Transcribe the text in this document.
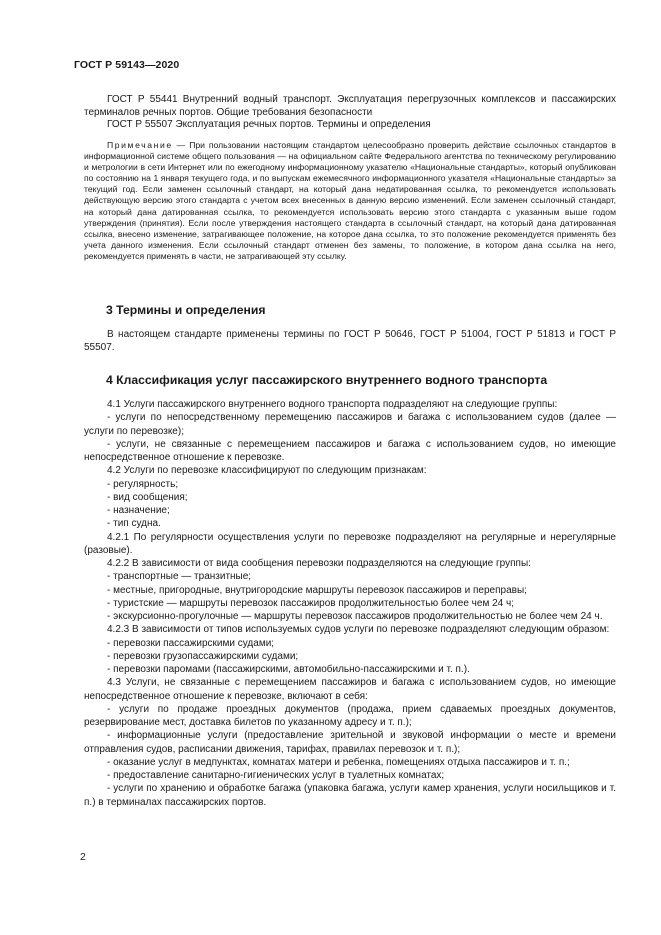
ГОСТ Р 59143—2020

ГОСТ Р 55441 Внутренний водный транспорт. Эксплуатация перегрузочных комплексов и пассажирских терминалов речных портов. Общие требования безопасности

ГОСТ Р 55507 Эксплуатация речных портов. Термины и определения

Примечание — При пользовании настоящим стандартом целесообразно проверить действие ссылочных стандартов в информационной системе общего пользования — на официальном сайте Федерального агентства по техническому регулированию и метрологии в сети Интернет или по ежегодному информационному указателю «Национальные стандарты», который опубликован по состоянию на 1 января текущего года, и по выпускам ежемесячного информационного указателя «Национальные стандарты» за текущий год. Если заменен ссылочный стандарт, на который дана недатированная ссылка, то рекомендуется использовать действующую версию этого стандарта с учетом всех внесенных в данную версию изменений. Если заменен ссылочный стандарт, на который дана датированная ссылка, то рекомендуется использовать версию этого стандарта с указанным выше годом утверждения (принятия). Если после утверждения настоящего стандарта в ссылочный стандарт, на который дана датированная ссылка, внесено изменение, затрагивающее положение, на которое дана ссылка, то это положение рекомендуется применять без учета данного изменения. Если ссылочный стандарт отменен без замены, то положение, в котором дана ссылка на него, рекомендуется применять в части, не затрагивающей эту ссылку.

3 Термины и определения

В настоящем стандарте применены термины по ГОСТ Р 50646, ГОСТ Р 51004, ГОСТ Р 51813 и ГОСТ Р 55507.

4 Классификация услуг пассажирского внутреннего водного транспорта

4.1 Услуги пассажирского внутреннего водного транспорта подразделяют на следующие группы:

- услуги по непосредственному перемещению пассажиров и багажа с использованием судов (далее — услуги по перевозке);

- услуги, не связанные с перемещением пассажиров и багажа с использованием судов, но имеющие непосредственное отношение к перевозке.

4.2 Услуги по перевозке классифицируют по следующим признакам:

- регулярность;

- вид сообщения;

- назначение;

- тип судна.

4.2.1 По регулярности осуществления услуги по перевозке подразделяют на регулярные и нерегулярные (разовые).

4.2.2 В зависимости от вида сообщения перевозки подразделяются на следующие группы:

- транспортные — транзитные;

- местные, пригородные, внутригородские маршруты перевозок пассажиров и переправы;

- туристские — маршруты перевозок пассажиров продолжительностью более чем 24 ч;

- экскурсионно-прогулочные — маршруты перевозок пассажиров продолжительностью не более чем 24 ч.

4.2.3 В зависимости от типов используемых судов услуги по перевозке подразделяют следующим образом:

- перевозки пассажирскими судами;

- перевозки грузопассажирскими судами;

- перевозки паромами (пассажирскими, автомобильно-пассажирскими и т. п.).

4.3 Услуги, не связанные с перемещением пассажиров и багажа с использованием судов, но имеющие непосредственное отношение к перевозке, включают в себя:

- услуги по продаже проездных документов (продажа, прием сдаваемых проездных документов, резервирование мест, доставка билетов по указанному адресу и т. п.);

- информационные услуги (предоставление зрительной и звуковой информации о месте и времени отправления судов, расписании движения, тарифах, правилах перевозок и т. п.);

- оказание услуг в медпунктах, комнатах матери и ребенка, помещениях отдыха пассажиров и т. п.;

- предоставление санитарно-гигиенических услуг в туалетных комнатах;

- услуги по хранению и обработке багажа (упаковка багажа, услуги камер хранения, услуги носильщиков и т. п.) в терминалах пассажирских портов.

2
